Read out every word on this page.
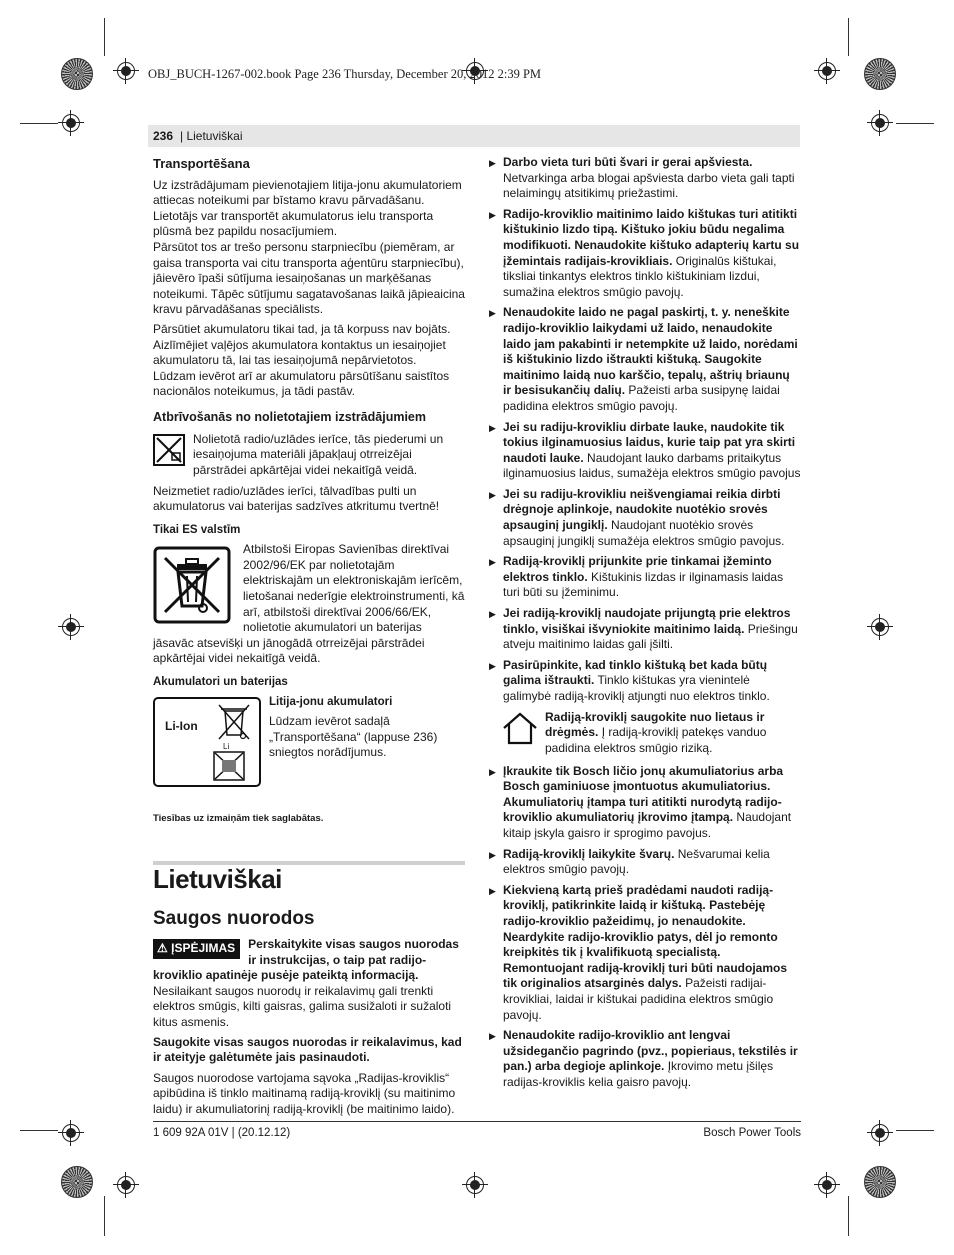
OBJ_BUCH-1267-002.book Page 236 Thursday, December 20, 2012 2:39 PM
236 | Lietuviškai
Transportēšana

Uz izstrādājumam pievienotajiem litija-jonu akumulatoriem attiecas noteikumi par bīstamo kravu pārvadāšanu. Lietotājs var transportēt akumulatorus ielu transporta plūsmā bez papildu nosacījumiem.

Pārsūtot tos ar trešo personu starpniecību (piemēram, ar gaisa transporta vai citu transporta aģentūru starpniecību), jāievēro īpaši sūtījuma iesaiņošanas un marķēšanas noteikumi. Tāpēc sūtījumu sagatavošanas laikā jāpieaicina kravu pārvadāšanas speciālists.

Pārsūtiet akumulatoru tikai tad, ja tā korpuss nav bojāts. Aizlīmējiet vaļējos akumulatora kontaktus un iesaiņojiet akumulatoru tā, lai tas iesaiņojumā nepārvietotos.

Lūdzam ievērot arī ar akumulatoru pārsūtīšanu saistītos nacionālos noteikumus, ja tādi pastāv.

Atbrīvošanās no nolietotajiem izstrādājumiem

Nolietotā radio/uzlādes ierīce, tās piederumi un iesaiņojuma materiāli jāpakļauj otrreizējai pārstrādei apkārtējai videi nekaitīgā veidā.

Neizmetiet radio/uzlādes ierīci, tālvadības pulti un akumulatorus vai baterijas sadzīves atkritumu tvertnē!

Tikai ES valstīm

Atbilstoši Eiropas Savienības direktīvai 2002/96/EK par nolietotajām elektriskajām un elektroniskajām ierīcēm, lietošanai nederīgie elektroinstrumenti, kā arī, atbilstoši direktīvai 2006/66/EK, nolietotie akumulatori un baterijas jāsavāc atsevišķi un jānogādā otrreizējai pārstrādei apkārtējai videi nekaitīgā veidā.

Akumulatori un baterijas
Li-Ion
Li
Litija-jonu akumulatori

Lūdzam ievērot sadaļā „Transportēšana“ (lappuse 236) sniegtos norādījumus.

Tiesības uz izmaiņām tiek saglabātas.

Lietuviškai
Saugos nuorodos

⚠ ĮSPĖJIMAS	Perskaitykite visas saugos nuorodas ir instrukcijas, o taip pat radijo-kroviklio apatinėje pusėje pateiktą informaciją. Nesilaikant saugos nuorodų ir reikalavimų gali trenkti elektros smūgis, kilti gaisras, galima susižaloti ir sužaloti kitus asmenis.

Saugokite visas saugos nuorodas ir reikalavimus, kad ir ateityje galėtumėte jais pasinaudoti.

Saugos nuorodose vartojama sąvoka „Radijas-kroviklis“ apibūdina iš tinklo maitinamą radiją-kroviklį (su maitinimo laidu) ir akumuliatorinį radiją-kroviklį (be maitinimo laido).

▶ Darbo vieta turi būti švari ir gerai apšviesta. Netvarkinga arba blogai apšviesta darbo vieta gali tapti nelaimingų atsitikimų priežastimi.
▶ Radijo-kroviklio maitinimo laido kištukas turi atitikti kištukinio lizdo tipą. Kištuko jokiu būdu negalima modifikuoti. Nenaudokite kištuko adapterių kartu su įžemintais radijais-krovikliais. Originalūs kištukai, tiksliai tinkantys elektros tinklo kištukiniam lizdui, sumažina elektros smūgio pavojų.
▶ Nenaudokite laido ne pagal paskirtį, t. y. neneškite radijo-kroviklio laikydami už laido, nenaudokite laido jam pakabinti ir netempkite už laido, norėdami iš kištukinio lizdo ištraukti kištuką. Saugokite maitinimo laidą nuo karščio, tepalų, aštrių briaunų ir besisukančių dalių. Pažeisti arba susipynę laidai padidina elektros smūgio pavojų.
▶ Jei su radiju-krovikliu dirbate lauke, naudokite tik tokius ilginamuosius laidus, kurie taip pat yra skirti naudoti lauke. Naudojant lauko darbams pritaikytus ilginamuosius laidus, sumažėja elektros smūgio pavojus
▶ Jei su radiju-krovikliu neišvengiamai reikia dirbti drėgnoje aplinkoje, naudokite nuotėkio srovės apsauginį jungiklį. Naudojant nuotėkio srovės apsauginį jungiklį sumažėja elektros smūgio pavojus.
▶ Radiją-kroviklį prijunkite prie tinkamai įžeminto elektros tinklo. Kištukinis lizdas ir ilginamasis laidas turi būti su įžeminimu.
▶ Jei radiją-kroviklį naudojate prijungtą prie elektros tinklo, visiškai išvyniokite maitinimo laidą. Priešingu atveju maitinimo laidas gali įšilti.
▶ Pasirūpinkite, kad tinklo kištuką bet kada būtų galima ištraukti. Tinklo kištukas yra vienintelė galimybė radiją-kroviklį atjungti nuo elektros tinklo.

Radiją-kroviklį saugokite nuo lietaus ir drėgmės. Į radiją-kroviklį patekęs vanduo padidina elektros smūgio riziką.

▶ Įkraukite tik Bosch ličio jonų akumuliatorius arba Bosch gaminiuose įmontuotus akumuliatorius. Akumuliatorių įtampa turi atitikti nurodytą radijo-kroviklio akumuliatorių įkrovimo įtampą. Naudojant kitaip įskyla gaisro ir sprogimo pavojus.
▶ Radiją-kroviklį laikykite švarų. Nešvarumai kelia elektros smūgio pavojų.
▶ Kiekvieną kartą prieš pradėdami naudoti radiją-kroviklį, patikrinkite laidą ir kištuką. Pastebėję radijo-kroviklio pažeidimų, jo nenaudokite. Neardykite radijo-kroviklio patys, dėl jo remonto kreipkitės tik į kvalifikuotą specialistą. Remontuojant radiją-kroviklį turi būti naudojamos tik originalios atsarginės dalys. Pažeisti radijai-krovikliai, laidai ir kištukai padidina elektros smūgio pavojų.
▶ Nenaudokite radijo-kroviklio ant lengvai užsidegančio pagrindo (pvz., popieriaus, tekstilės ir pan.) arba degioje aplinkoje. Įkrovimo metu įšilęs radijas-kroviklis kelia gaisro pavojų.
1 609 92A 01V | (20.12.12)	Bosch Power Tools
